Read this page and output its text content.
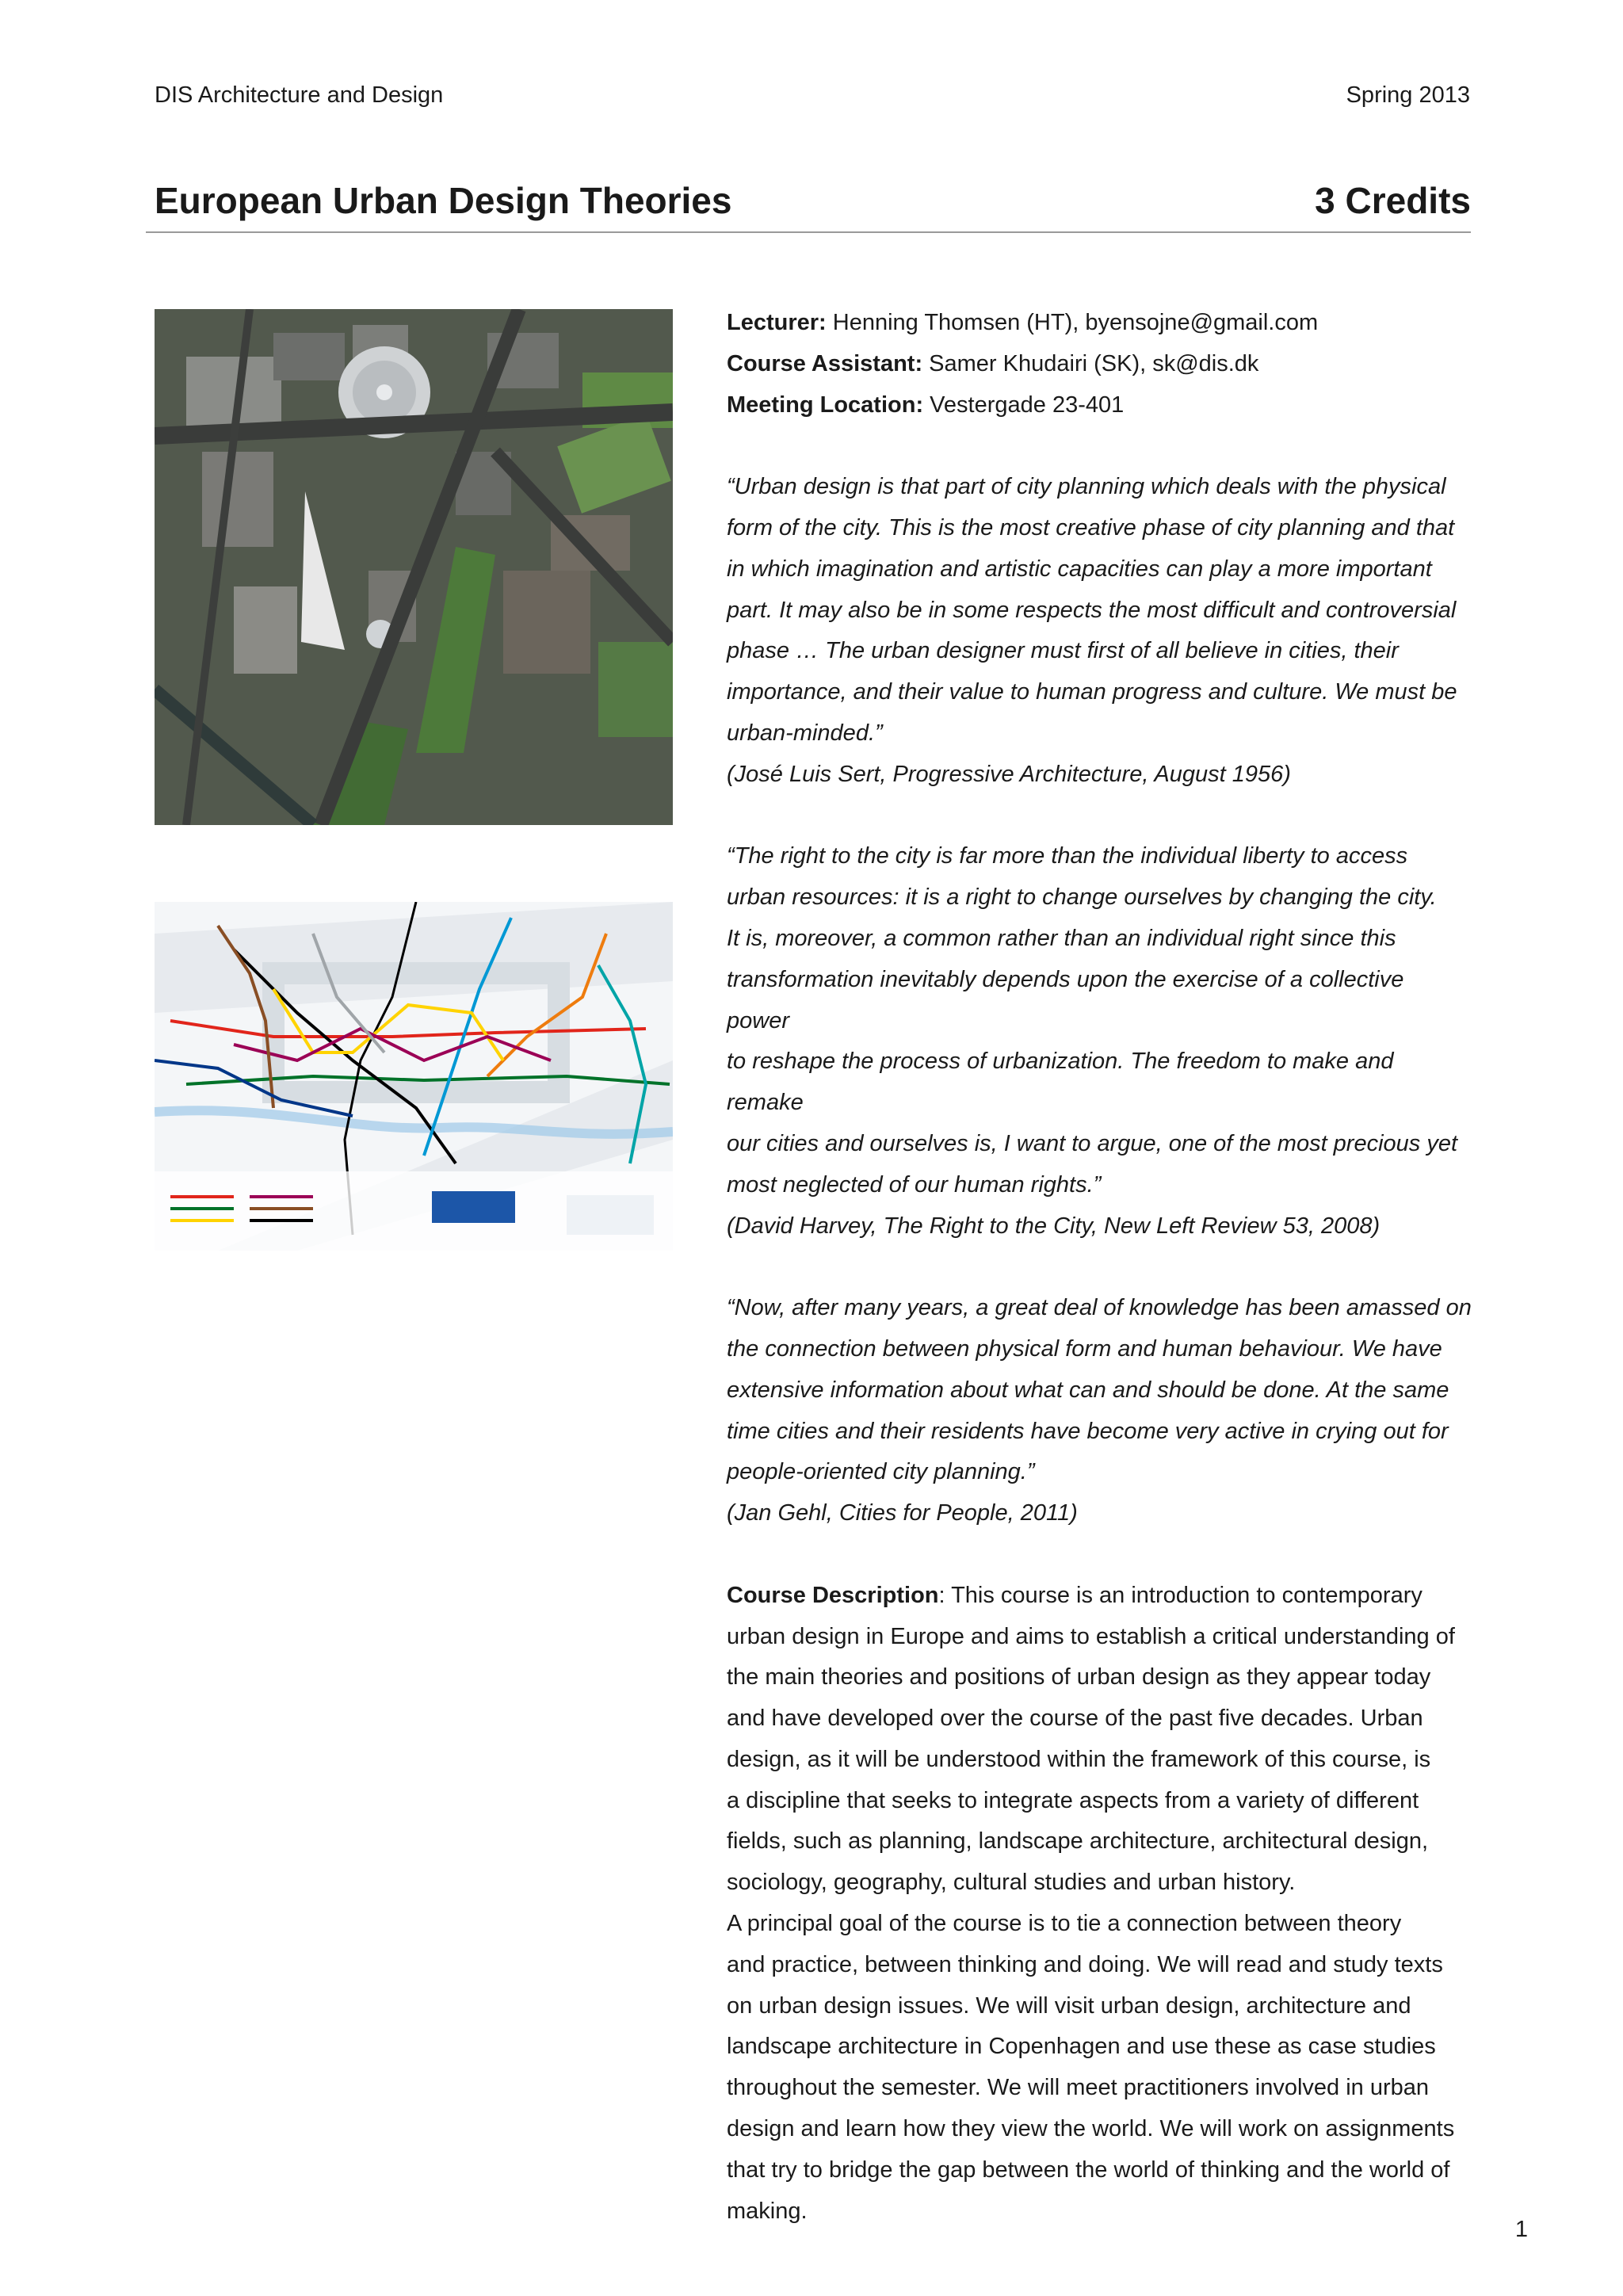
DIS Architecture and Design	Spring 2013
European Urban Design Theories	3 Credits

Lecturer: Henning Thomsen (HT), byensojne@gmail.com

Course Assistant: Samer Khudairi (SK), sk@dis.dk

Meeting Location: Vestergade 23-401

“Urban design is that part of city planning which deals with the physical

form of the city. This is the most creative phase of city planning and that

in which imagination and artistic capacities can play a more important

part. It may also be in some respects the most difficult and controversial

phase … The urban designer must first of all believe in cities, their

importance, and their value to human progress and culture. We must be

urban-minded.”

(José Luis Sert, Progressive Architecture, August 1956)

“The right to the city is far more than the individual liberty to access

urban resources: it is a right to change ourselves by changing the city.

It is, moreover, a common rather than an individual right since this

transformation inevitably depends upon the exercise of a collective power

to reshape the process of urbanization. The freedom to make and remake

our cities and ourselves is, I want to argue, one of the most precious yet

most neglected of our human rights.”

(David Harvey, The Right to the City, New Left Review 53, 2008)

“Now, after many years, a great deal of knowledge has been amassed on

the connection between physical form and human behaviour. We have

extensive information about what can and should be done. At the same

time cities and their residents have become very active in crying out for

people-oriented city planning.”

(Jan Gehl, Cities for People, 2011)

Course Description: This course is an introduction to contemporary

urban design in Europe and aims to establish a critical understanding of

the main theories and positions of urban design as they appear today

and have developed over the course of the past five decades. Urban

design, as it will be understood within the framework of this course, is

a discipline that seeks to integrate aspects from a variety of different

fields, such as planning, landscape architecture, architectural design,

sociology, geography, cultural studies and urban history.

A principal goal of the course is to tie a connection between theory

and practice, between thinking and doing. We will read and study texts

on urban design issues. We will visit urban design, architecture and

landscape architecture in Copenhagen and use these as case studies

throughout the semester. We will meet practitioners involved in urban

design and learn how they view the world. We will work on assignments

that try to bridge the gap between the world of thinking and the world of

making.

1
